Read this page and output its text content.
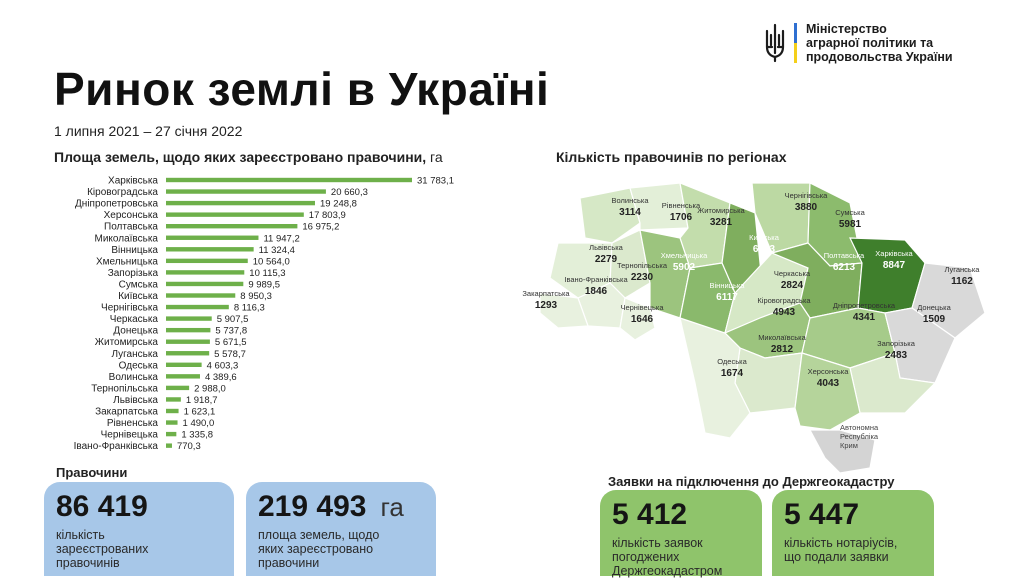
Міністерство
аграрної політики та
продовольства України
Ринок землі в Україні
1 липня 2021 – 27 січня 2022
Площа земель, щодо яких зареєстровано правочини, га
Харківська	31 783,1
Кіровоградська	20 660,3
Дніпропетровська	19 248,8
Херсонська	17 803,9
Полтавська	16 975,2
Миколаївська	11 947,2
Вінницька	11 324,4
Хмельницька	10 564,0
Запорізька	10 115,3
Сумська	9 989,5
Київська	8 950,3
Чернігівська	8 116,3
Черкаська	5 907,5
Донецька	5 737,8
Житомирська	5 671,5
Луганська	5 578,7
Одеська	4 603,3
Волинська	4 389,6
Тернопільська	2 988,0
Львівська	1 918,7
Закарпатська	1 623,1
Рівненська	1 490,0
Чернівецька 1 335,8
Івано-Франківська 770,3
Кількість правочинів по регіонах
Автономна
Республіка
Крим
Волинська
3114
Рівненська
1706
Житомирська
3281
Київська
6293
Чернігівська
3880 Сумська
5981
Львівська
2279
Тернопільська
2230
Хмельницька
5902
Вінницька
6117
Черкаська
2824
Полтавська
6213
Харківська
8847	Луганська
1162
Івано-Франківська
1846
Закарпатська
1293	Чернівецька
1646
Кіровоградська
4943
Дніпропетровська
4341
Донецька
1509
Миколаївська
2812
Запорізька
2483
Одеська
1674	Херсонська
4043
Правочини
86 419
кількість
зареєстрованих
правочинів
219 493 га
площа земель, щодо
яких зареєстровано
правочини
Заявки на підключення до Держгеокадастру
5 412
кількість заявок
погоджених
Держгеокадастром
5 447
кількість нотаріусів,
що подали заявки
